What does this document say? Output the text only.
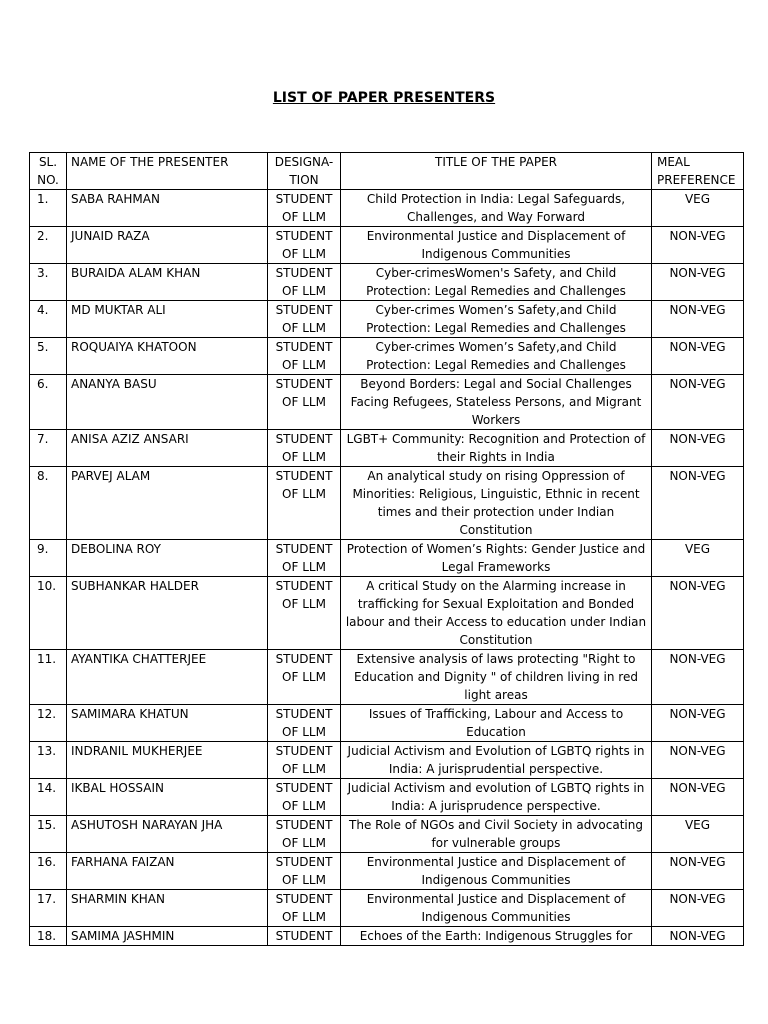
LIST OF PAPER PRESENTERS
SL. NO.	NAME OF THE PRESENTER	DESIGNA-TION	TITLE OF THE PAPER	MEAL PREFERENCE
1.	SABA RAHMAN	STUDENT OF LLM	Child Protection in India: Legal Safeguards, Challenges, and Way Forward	VEG
2.	JUNAID RAZA	STUDENT OF LLM	Environmental Justice and Displacement of Indigenous Communities	NON-VEG
3.	BURAIDA ALAM KHAN	STUDENT OF LLM	Cyber-crimesWomen's Safety, and Child Protection: Legal Remedies and Challenges	NON-VEG
4.	MD MUKTAR ALI	STUDENT OF LLM	Cyber-crimes Women’s Safety,and Child Protection: Legal Remedies and Challenges	NON-VEG
5.	ROQUAIYA KHATOON	STUDENT OF LLM	Cyber-crimes Women’s Safety,and Child Protection: Legal Remedies and Challenges	NON-VEG
6.	ANANYA BASU	STUDENT OF LLM	Beyond Borders: Legal and Social Challenges Facing Refugees, Stateless Persons, and Migrant Workers	NON-VEG
7.	ANISA AZIZ ANSARI	STUDENT OF LLM	LGBT+ Community: Recognition and Protection of their Rights in India	NON-VEG
8.	PARVEJ ALAM	STUDENT OF LLM	An analytical study on rising Oppression of Minorities: Religious, Linguistic, Ethnic in recent times and their protection under Indian Constitution	NON-VEG
9.	DEBOLINA ROY	STUDENT OF LLM	Protection of Women’s Rights: Gender Justice and Legal Frameworks	VEG
10.	SUBHANKAR HALDER	STUDENT OF LLM	A critical Study on the Alarming increase in trafficking for Sexual Exploitation and Bonded labour and their Access to education under Indian Constitution	NON-VEG
11.	AYANTIKA CHATTERJEE	STUDENT OF LLM	Extensive analysis of laws protecting "Right to Education and Dignity " of children living in red light areas	NON-VEG
12.	SAMIMARA KHATUN	STUDENT OF LLM	Issues of Trafficking, Labour and Access to Education	NON-VEG
13.	INDRANIL MUKHERJEE	STUDENT OF LLM	Judicial Activism and Evolution of LGBTQ rights in India: A jurisprudential perspective.	NON-VEG
14.	IKBAL HOSSAIN	STUDENT OF LLM	Judicial Activism and evolution of LGBTQ rights in India: A jurisprudence perspective.	NON-VEG
15.	ASHUTOSH NARAYAN JHA	STUDENT OF LLM	The Role of NGOs and Civil Society in advocating for vulnerable groups	VEG
16.	FARHANA FAIZAN	STUDENT OF LLM	Environmental Justice and Displacement of Indigenous Communities	NON-VEG
17.	SHARMIN KHAN	STUDENT OF LLM	Environmental Justice and Displacement of Indigenous Communities	NON-VEG
18.	SAMIMA JASHMIN	STUDENT	Echoes of the Earth: Indigenous Struggles for	NON-VEG
